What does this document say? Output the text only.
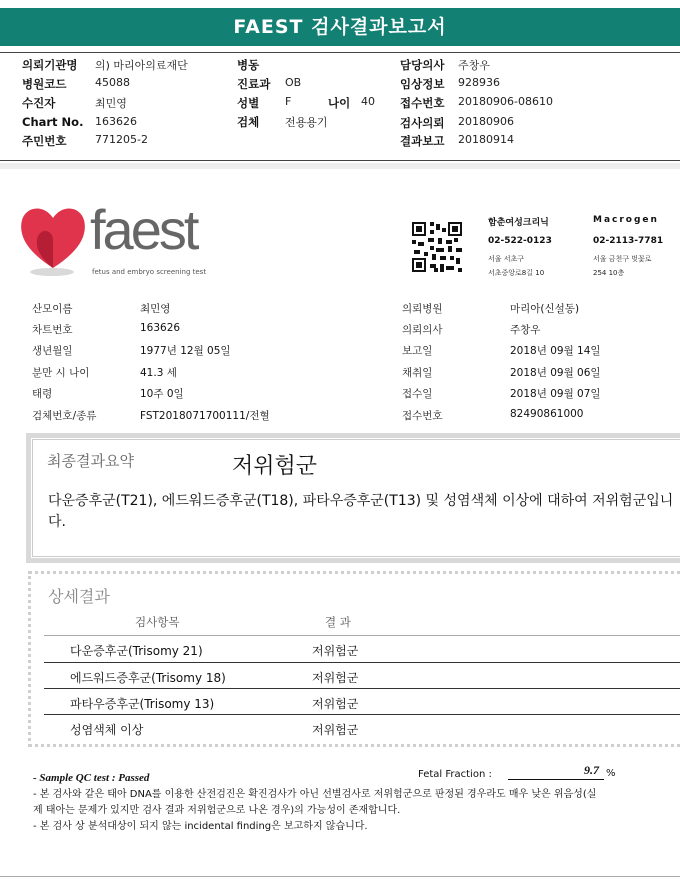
FAEST 검사결과보고서
의뢰기관명 의) 마리아의료재단
병원코드	45088
수진자	최민영
Chart No. 163626
주민번호	771205-2
병동
진료과 OB
성별 F	나이 40
검체 전용용기
담당의사 주창우
임상정보 928936
접수번호 20180906-08610
검사의뢰 20180906
결과보고 20180914
faest
fetus and embryo screening test
함춘여성크리닉
02-522-0123
서울 서초구
서초중앙로8길 10
Macrogen
02-2113-7781
서울 금천구 벚꽃로
254 10층
산모이름	최민영
차트번호	163626
생년월일	1977년 12월 05일
분만 시 나이	41.3 세
태령	10주 0일
검체번호/종류	FST2018071700111/전혈
의뢰병원	마리아(신설동)
의뢰의사	주창우
보고일	2018년 09월 14일
채취일	2018년 09월 06일
접수일	2018년 09월 07일
접수번호	82490861000
최종결과요약	저위험군
다운증후군(T21), 에드워드증후군(T18), 파타우증후군(T13) 및 성염색체 이상에 대하여 저위험군입니다.
상세결과
검사항목	결 과
다운증후군(Trisomy 21)	저위험군
에드워드증후군(Trisomy 18)	저위험군
파타우증후군(Trisomy 13)	저위험군
성염색체 이상	저위험군
- Sample QC test : Passed	Fetal Fraction :	9.7 %
- 본 검사와 같은 태아 DNA를 이용한 산전검진은 확진검사가 아닌 선별검사로 저위험군으로 판정된 경우라도 매우 낮은 위음성(실
제 태아는 문제가 있지만 검사 결과 저위험군으로 나온 경우)의 가능성이 존재합니다.
- 본 검사 상 분석대상이 되지 않는 incidental finding은 보고하지 않습니다.
